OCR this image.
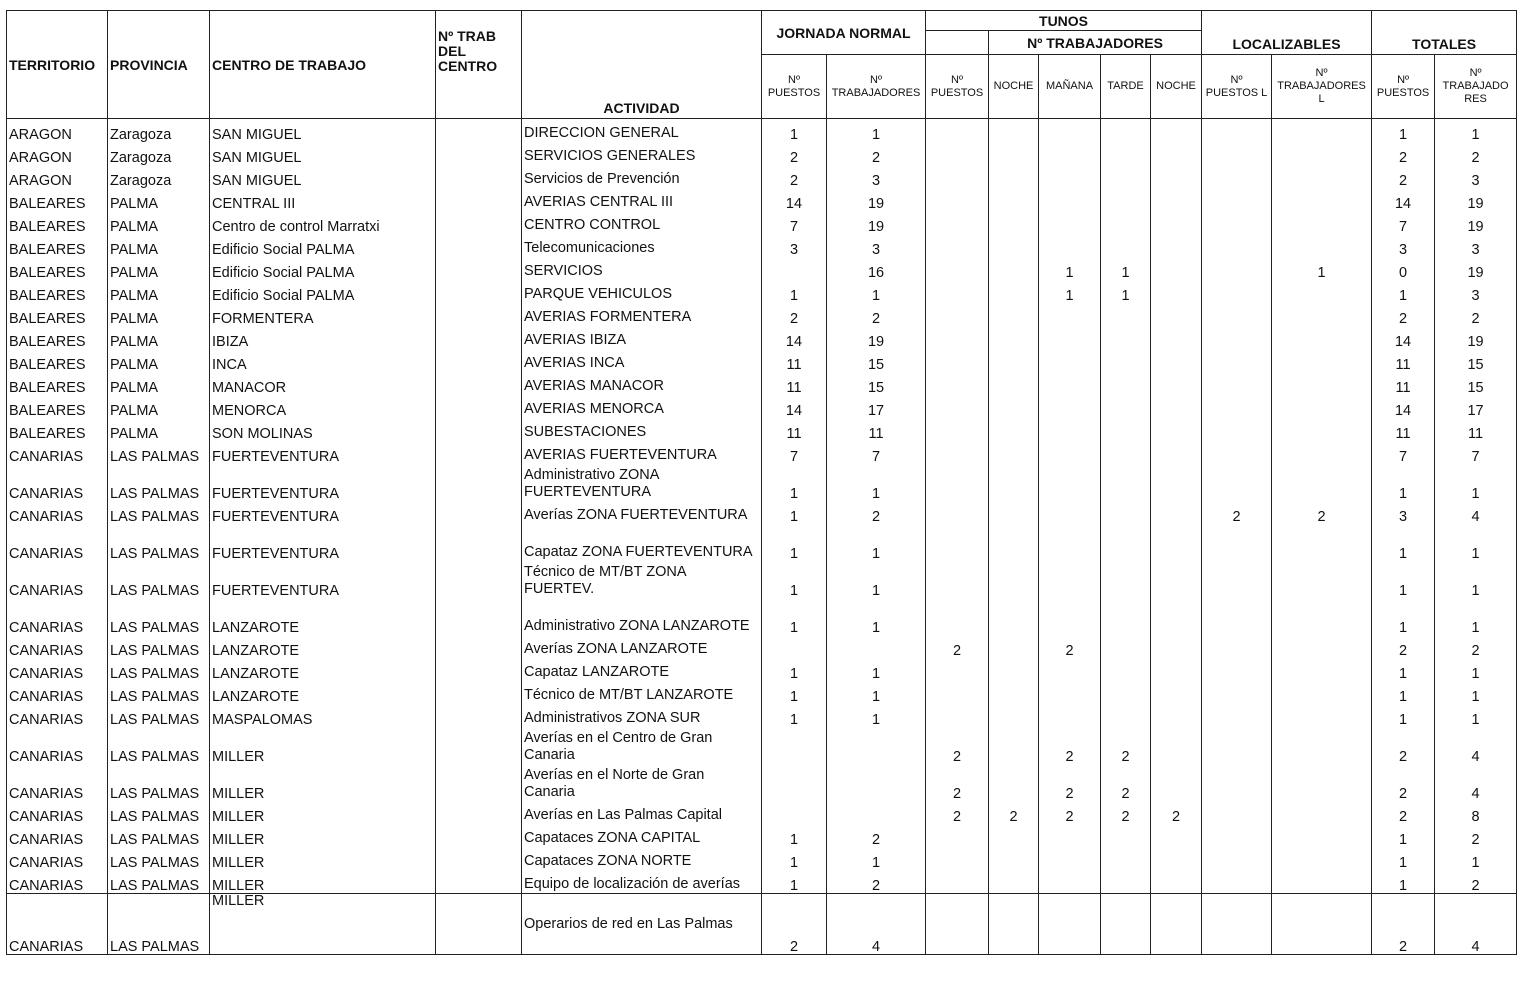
TERRITORIO	PROVINCIA	CENTRO DE TRABAJO	Nº TRAB DEL CENTRO	ACTIVIDAD	JORNADA NORMAL		TUNOS					LOCALIZABLES		TOTALES	
								Nº TRABAJADORES							
					Nº PUESTOS	Nº TRABAJADORES	Nº PUESTOS	NOCHE	MAÑANA	TARDE	NOCHE	Nº PUESTOS L	Nº TRABAJADORES L	Nº PUESTOS	Nº TRABAJADO RES
ARAGON	Zaragoza	SAN MIGUEL		DIRECCION GENERAL	1	1								1	1
ARAGON	Zaragoza	SAN MIGUEL		SERVICIOS GENERALES	2	2								2	2
ARAGON	Zaragoza	SAN MIGUEL		Servicios de Prevención	2	3								2	3
BALEARES	PALMA	CENTRAL III		AVERIAS CENTRAL III	14	19								14	19
BALEARES	PALMA	Centro de control Marratxi		CENTRO CONTROL	7	19								7	19
BALEARES	PALMA	Edificio Social PALMA		Telecomunicaciones	3	3								3	3
BALEARES	PALMA	Edificio Social PALMA		SERVICIOS		16			1	1			1	0	19
BALEARES	PALMA	Edificio Social PALMA		PARQUE VEHICULOS	1	1			1	1				1	3
BALEARES	PALMA	FORMENTERA		AVERIAS FORMENTERA	2	2								2	2
BALEARES	PALMA	IBIZA		AVERIAS IBIZA	14	19								14	19
BALEARES	PALMA	INCA		AVERIAS INCA	11	15								11	15
BALEARES	PALMA	MANACOR		AVERIAS MANACOR	11	15								11	15
BALEARES	PALMA	MENORCA		AVERIAS MENORCA	14	17								14	17
BALEARES	PALMA	SON MOLINAS		SUBESTACIONES	11	11								11	11
CANARIAS	LAS PALMAS	FUERTEVENTURA		AVERIAS FUERTEVENTURA	7	7								7	7
CANARIAS	LAS PALMAS	FUERTEVENTURA		Administrativo ZONA FUERTEVENTURA	1	1								1	1
CANARIAS	LAS PALMAS	FUERTEVENTURA		Averías ZONA FUERTEVENTURA	1	2						2	2	3	4
CANARIAS	LAS PALMAS	FUERTEVENTURA		Capataz ZONA FUERTEVENTURA	1	1								1	1
CANARIAS	LAS PALMAS	FUERTEVENTURA		Técnico de MT/BT ZONA FUERTEV.	1	1								1	1
CANARIAS	LAS PALMAS	LANZAROTE		Administrativo ZONA LANZAROTE	1	1								1	1
CANARIAS	LAS PALMAS	LANZAROTE		Averías ZONA LANZAROTE			2		2					2	2
CANARIAS	LAS PALMAS	LANZAROTE		Capataz LANZAROTE	1	1								1	1
CANARIAS	LAS PALMAS	LANZAROTE		Técnico de MT/BT LANZAROTE	1	1								1	1
CANARIAS	LAS PALMAS	MASPALOMAS		Administrativos ZONA SUR	1	1								1	1
CANARIAS	LAS PALMAS	MILLER		Averías en el Centro de Gran Canaria			2		2	2				2	4
CANARIAS	LAS PALMAS	MILLER		Averías en el Norte de Gran Canaria			2		2	2				2	4
CANARIAS	LAS PALMAS	MILLER		Averías en Las Palmas Capital			2	2	2	2	2			2	8
CANARIAS	LAS PALMAS	MILLER		Capataces ZONA CAPITAL	1	2								1	2
CANARIAS	LAS PALMAS	MILLER		Capataces ZONA NORTE	1	1								1	1
CANARIAS	LAS PALMAS	MILLER		Equipo de localización de averías	1	2								1	2
CANARIAS	LAS PALMAS	MILLER		Operarios de red en Las Palmas	2	4								2	4
